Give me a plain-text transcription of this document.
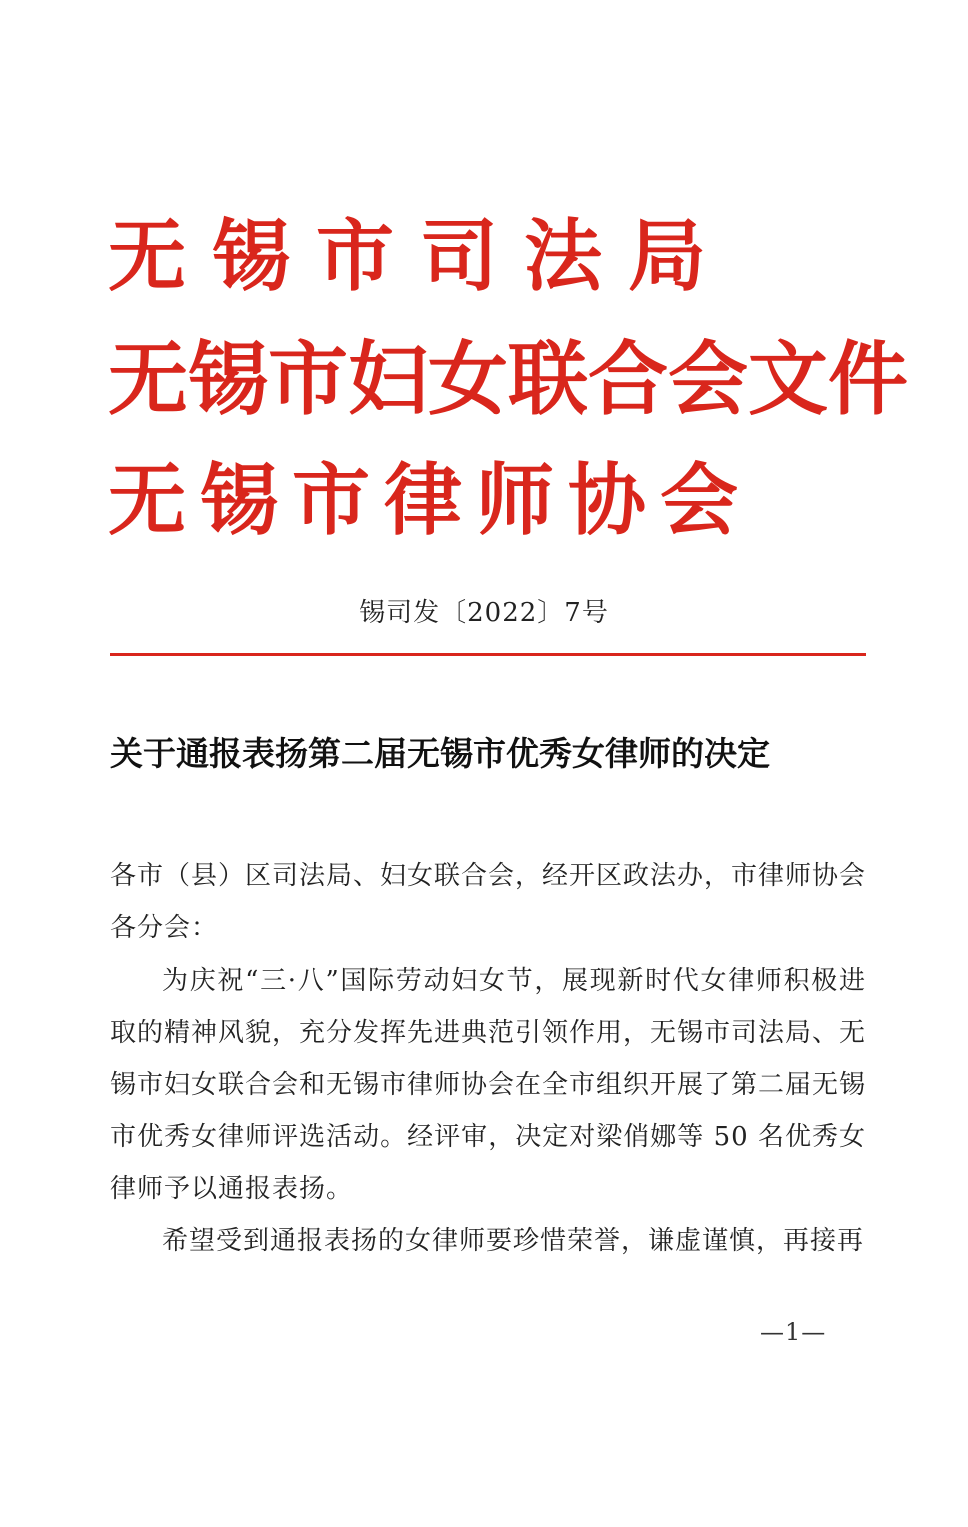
无锡市司法局
无锡市妇女联合会文件
无锡市律师协会
锡司发〔2022〕7号
关于通报表扬第二届无锡市优秀女律师的决定
各市（县）区司法局、妇女联合会，经开区政法办，市律师协会各分会：
为庆祝“三·八”国际劳动妇女节，展现新时代女律师积极进取的精神风貌，充分发挥先进典范引领作用，无锡市司法局、无锡市妇女联合会和无锡市律师协会在全市组织开展了第二届无锡市优秀女律师评选活动。经评审，决定对梁俏娜等 50 名优秀女律师予以通报表扬。
希望受到通报表扬的女律师要珍惜荣誉，谦虚谨慎，再接再
—1—
